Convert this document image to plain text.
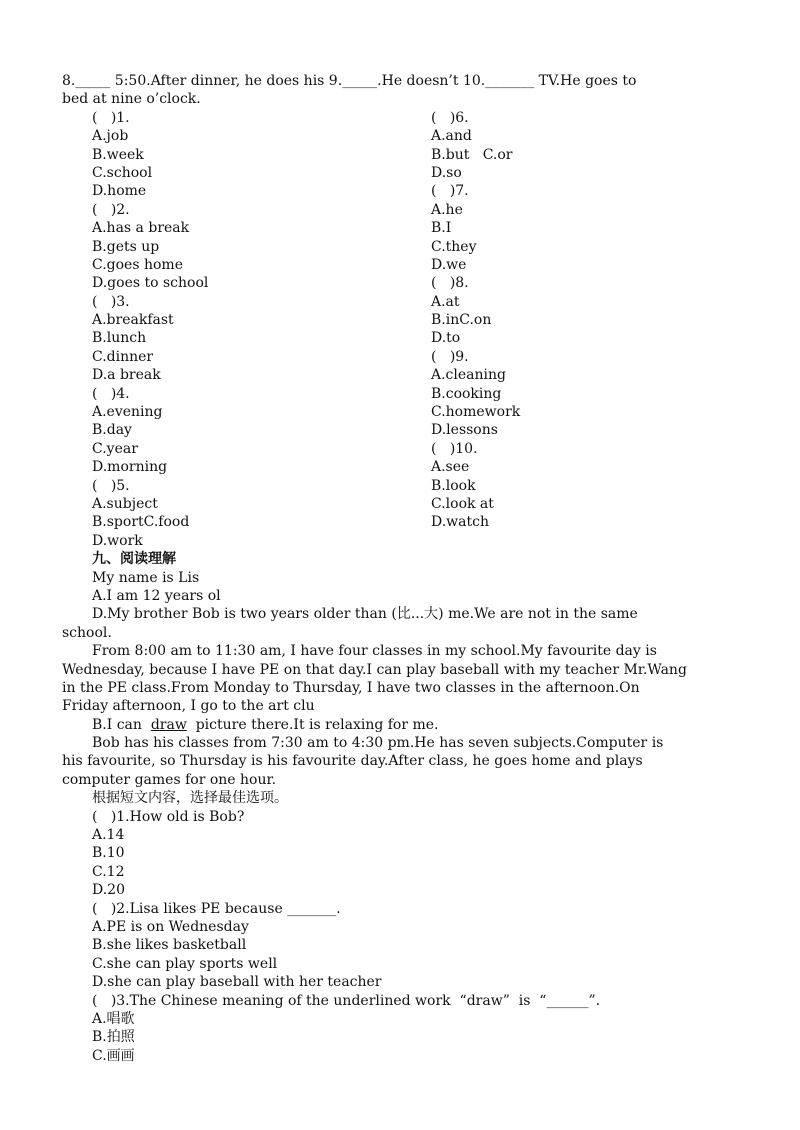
8._____ 5:50.After dinner, he does his 9._____.He doesn’t 10._______ TV.He goes to
bed at nine o’clock.
(   )1.
A.job
B.week
C.school
D.home
(   )2.
A.has a break
B.gets up
C.goes home
D.goes to school
(   )3.
A.breakfast
B.lunch
C.dinner
D.a break
(   )4.
A.evening
B.day
C.year
D.morning
(   )5.
A.subject
B.sportC.food
D.work
(   )6.
A.and
B.but   C.or
D.so
(   )7.
A.he
B.I
C.they
D.we
(   )8.
A.at
B.inC.on
D.to
(   )9.
A.cleaning
B.cooking
C.homework
D.lessons
(   )10.
A.see
B.look
C.look at
D.watch
九、阅读理解
My name is Lis
A.I am 12 years ol
D.My brother Bob is two years older than (比...大) me.We are not in the same
school.
From 8:00 am to 11:30 am, I have four classes in my school.My favourite day is
Wednesday, because I have PE on that day.I can play baseball with my teacher Mr.Wang
in the PE class.From Monday to Thursday, I have two classes in the afternoon.On
Friday afternoon, I go to the art clu
B.I can  draw  picture there.It is relaxing for me.
Bob has his classes from 7:30 am to 4:30 pm.He has seven subjects.Computer is
his favourite, so Thursday is his favourite day.After class, he goes home and plays
computer games for one hour.
根据短文内容，选择最佳选项。
(   )1.How old is Bob?
A.14
B.10
C.12
D.20
(   )2.Lisa likes PE because _______.
A.PE is on Wednesday
B.she likes basketball
C.she can play sports well
D.she can play baseball with her teacher
(   )3.The Chinese meaning of the underlined work  “draw”  is  “______”.
A.唱歌
B.拍照
C.画画
